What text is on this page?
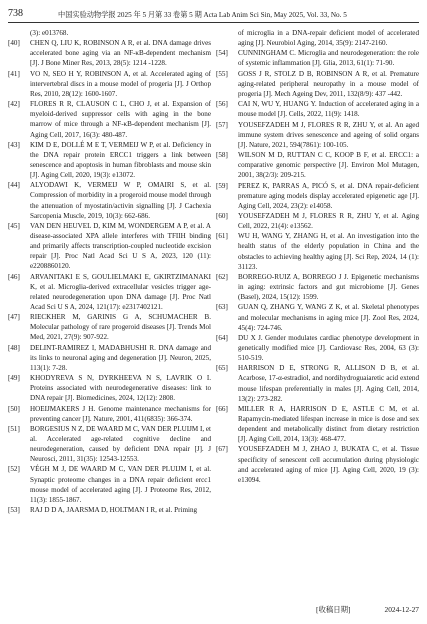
738	中国实验动物学报 2025 年 5 月第 33 卷第 5 期 Acta Lab Anim Sci Sin, May 2025, Vol. 33, No. 5
(3): e013768.
[40] CHEN Q, LIU K, ROBINSON A R, et al. DNA damage drives accelerated bone aging via an NF-κB-dependent mechanism [J]. J Bone Miner Res, 2013, 28(5): 1214 -1228.
[41] VO N, SEO H Y, ROBINSON A, et al. Accelerated aging of intervertebral discs in a mouse model of progeria [J]. J Orthop Res, 2010, 28(12): 1600-1607.
[42] FLORES R R, CLAUSON C L, CHO J, et al. Expansion of myeloid-derived suppressor cells with aging in the bone marrow of mice through a NF-κB-dependent mechanism [J]. Aging Cell, 2017, 16(3): 480-487.
[43] KIM D E, DOLLÉ M E T, VERMEIJ W P, et al. Deficiency in the DNA repair protein ERCC1 triggers a link between senescence and apoptosis in human fibroblasts and mouse skin [J]. Aging Cell, 2020, 19(3): e13072.
[44] ALYODAWI K, VERMEIJ W P, OMAIRI S, et al. Compression of morbidity in a progeroid mouse model through the attenuation of myostatin/activin signalling [J]. J Cachexia Sarcopenia Muscle, 2019, 10(3): 662-686.
[45] VAN DEN HEUVEL D, KIM M, WONDERGEM A P, et al. A disease-associated XPA allele interferes with TFIIH binding and primarily affects transcription-coupled nucleotide excision repair [J]. Proc Natl Acad Sci U S A, 2023, 120 (11): e2208860120.
[46] ARVANITAKI E S, GOULIELMAKI E, GKIRTZIMANAKI K, et al. Microglia-derived extracellular vesicles trigger age-related neurodegeneration upon DNA damage [J]. Proc Natl Acad Sci U S A, 2024, 121(17): e2317402121.
[47] RIECKHER M, GARINIS G A, SCHUMACHER B. Molecular pathology of rare progeroid diseases [J]. Trends Mol Med, 2021, 27(9): 907-922.
[48] DELINT-RAMIREZ I, MADABHUSHI R. DNA damage and its links to neuronal aging and degeneration [J]. Neuron, 2025, 113(1): 7-28.
[49] KHODYREVA S N, DYRKHEEVA N S, LAVRIK O I. Proteins associated with neurodegenerative diseases: link to DNA repair [J]. Biomedicines, 2024, 12(12): 2808.
[50] HOEIJMAKERS J H. Genome maintenance mechanisms for preventing cancer [J]. Nature, 2001, 411(6835): 366-374.
[51] BORGESIUS N Z, DE WAARD M C, VAN DER PLUIJM I, et al. Accelerated age-related cognitive decline and neurodegeneration, caused by deficient DNA repair [J]. J Neurosci, 2011, 31(35): 12543-12553.
[52] VÉGH M J, DE WAARD M C, VAN DER PLUIJM I, et al. Synaptic proteome changes in a DNA repair deficient ercc1 mouse model of accelerated aging [J]. J Proteome Res, 2012, 11(3): 1855-1867.
[53] RAJ D D A, JAARSMA D, HOLTMAN I R, et al. Priming
of microglia in a DNA-repair deficient model of accelerated aging [J]. Neurobiol Aging, 2014, 35(9): 2147-2160.
[54] CUNNINGHAM C. Microglia and neurodegeneration: the role of systemic inflammation [J]. Glia, 2013, 61(1): 71-90.
[55] GOSS J R, STOLZ D B, ROBINSON A R, et al. Premature aging-related peripheral neuropathy in a mouse model of progeria [J]. Mech Ageing Dev, 2011, 132(8/9): 437 -442.
[56] CAI N, WU Y, HUANG Y. Induction of accelerated aging in a mouse model [J]. Cells, 2022, 11(9): 1418.
[57] YOUSEFZADEH M J, FLORES R R, ZHU Y, et al. An aged immune system drives senescence and ageing of solid organs [J]. Nature, 2021, 594(7861): 100-105.
[58] WILSON M D, RUTTAN C C, KOOP B F, et al. ERCC1: a comparative genomic perspective [J]. Environ Mol Mutagen, 2001, 38(2/3): 209-215.
[59] PEREZ K, PARRAS A, PICÓ S, et al. DNA repair-deficient premature aging models display accelerated epigenetic age [J]. Aging Cell, 2024, 23(2): e14058.
[60] YOUSEFZADEH M J, FLORES R R, ZHU Y, et al. Aging Cell, 2022, 21(4): e13562.
[61] WU H, WANG Y, ZHANG H, et al. An investigation into the health status of the elderly population in China and the obstacles to achieving healthy aging [J]. Sci Rep, 2024, 14 (1): 31123.
[62] BORREGO-RUIZ A, BORREGO J J. Epigenetic mechanisms in aging: extrinsic factors and gut microbiome [J]. Genes (Basel), 2024, 15(12): 1599.
[63] GUAN Q, ZHANG Y, WANG Z K, et al. Skeletal phenotypes and molecular mechanisms in aging mice [J]. Zool Res, 2024, 45(4): 724-746.
[64] DU X J. Gender modulates cardiac phenotype development in genetically modified mice [J]. Cardiovasc Res, 2004, 63 (3): 510-519.
[65] HARRISON D E, STRONG R, ALLISON D B, et al. Acarbose, 17-α-estradiol, and nordihydroguaiaretic acid extend mouse lifespan preferentially in males [J]. Aging Cell, 2014, 13(2): 273-282.
[66] MILLER R A, HARRISON D E, ASTLE C M, et al. Rapamycin-mediated lifespan increase in mice is dose and sex dependent and metabolically distinct from dietary restriction [J]. Aging Cell, 2014, 13(3): 468-477.
[67] YOUSEFZADEH M J, ZHAO J, BUKATA C, et al. Tissue specificity of senescent cell accumulation during physiologic and accelerated aging of mice [J]. Aging Cell, 2020, 19 (3): e13094.
[收稿日期]	2024-12-27
